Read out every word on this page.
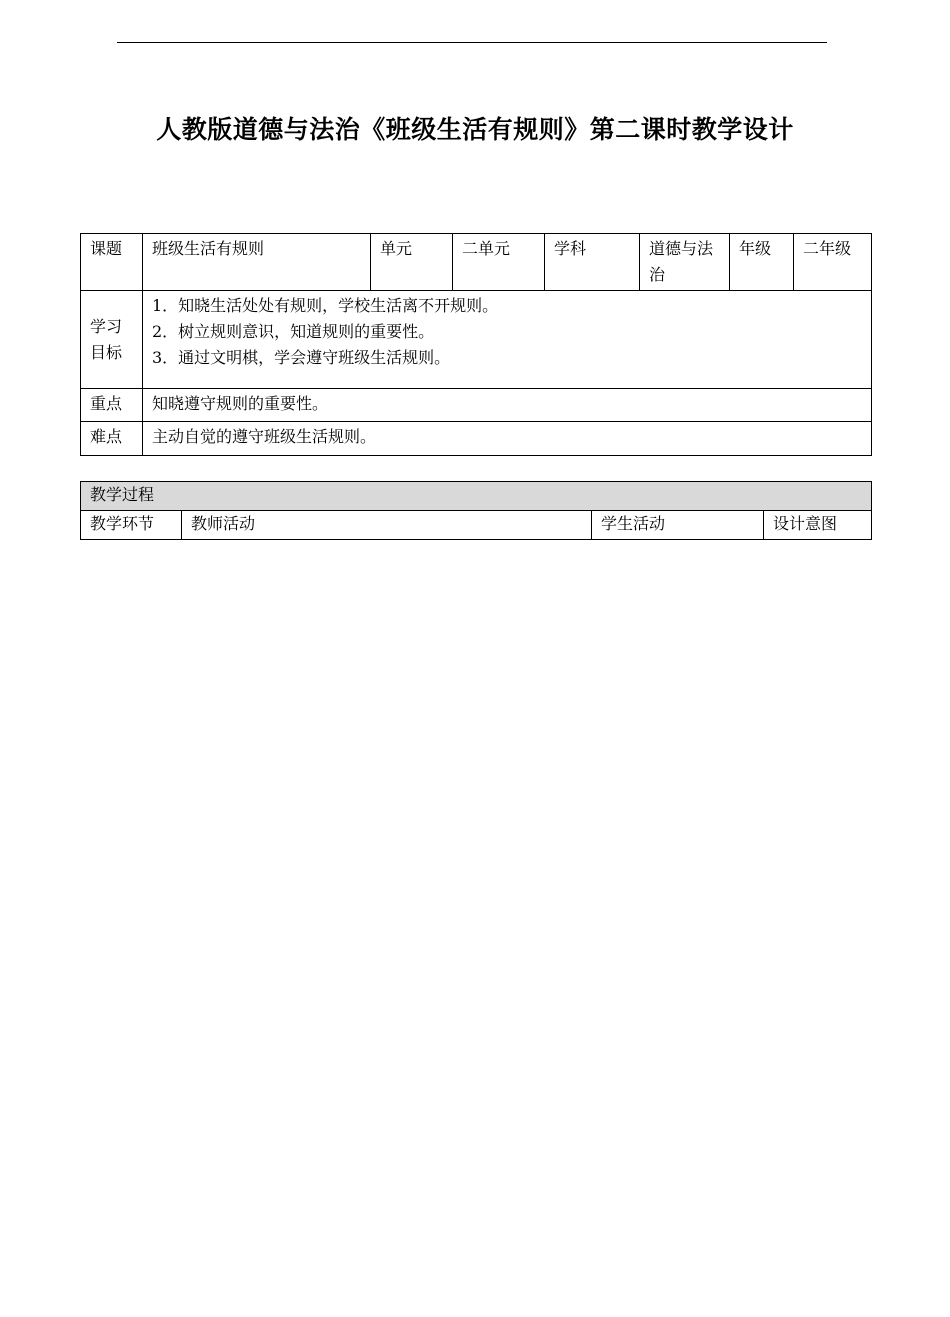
人教版道德与法治《班级生活有规则》第二课时教学设计
课题	班级生活有规则	单元	二单元	学科	道德与法治	年级	二年级
学习目标	1．知晓生活处处有规则，学校生活离不开规则。
2．树立规则意识，知道规则的重要性。
3．通过文明棋，学会遵守班级生活规则。						

重点	知晓遵守规则的重要性。						
难点	主动自觉的遵守班级生活规则。						
教学过程
教学环节	教师活动	学生活动	设计意图
